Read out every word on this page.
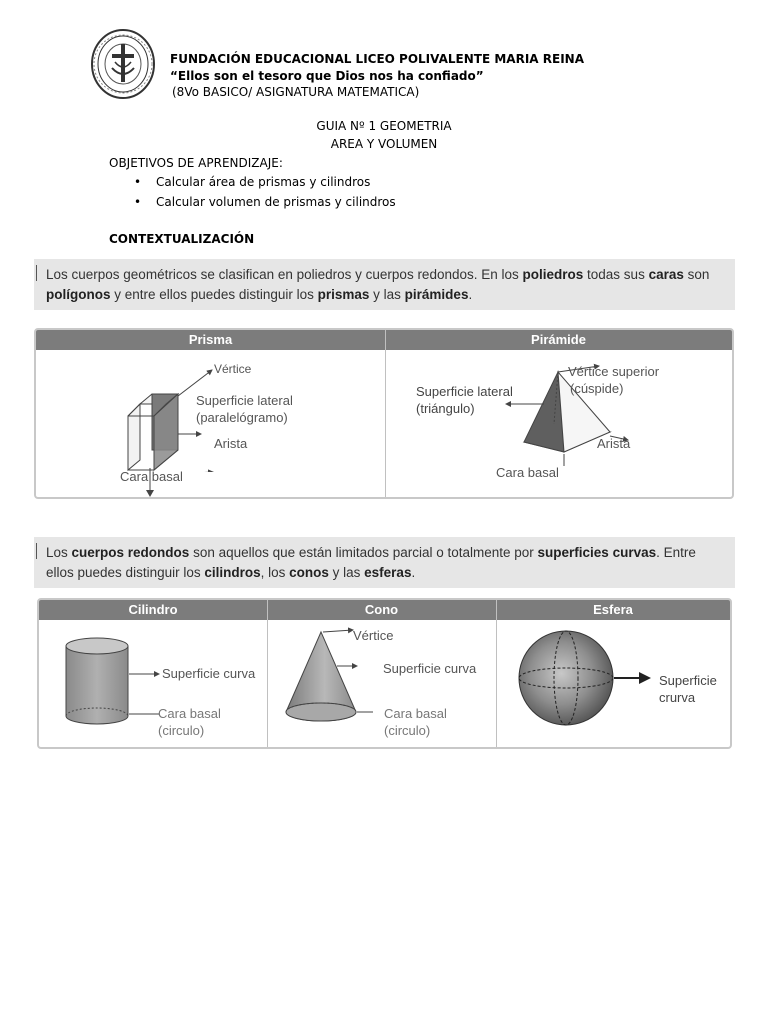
FUNDACIÓN EDUCACIONAL LICEO POLIVALENTE MARIA REINA
“Ellos son el tesoro que Dios nos ha confiado”
(8Vo BASICO/ ASIGNATURA MATEMATICA)
GUIA Nº 1 GEOMETRIA
AREA Y VOLUMEN
OBJETIVOS DE APRENDIZAJE:
• Calcular área de prismas y cilindros
• Calcular volumen de prismas y cilindros
CONTEXTUALIZACIÓN
Los cuerpos geométricos se clasifican en poliedros y cuerpos redondos. En los poliedros todas sus caras son polígonos y entre ellos puedes distinguir los prismas y las pirámides.
Prisma	Pirámide
Vértice
Superficie lateral
(paralelógramo)
Arista
Cara basal
Vértice superior
(cúspide)
Superficie lateral
(triángulo)
Arista
Cara basal
Los cuerpos redondos son aquellos que están limitados parcial o totalmente por superficies curvas. Entre ellos puedes distinguir los cilindros, los conos y las esferas.
Cilindro	Cono	Esfera
Superficie curva
Cara basal
(circulo)
Vértice
Superficie curva
Cara basal
(circulo)
Superficie
crurva
